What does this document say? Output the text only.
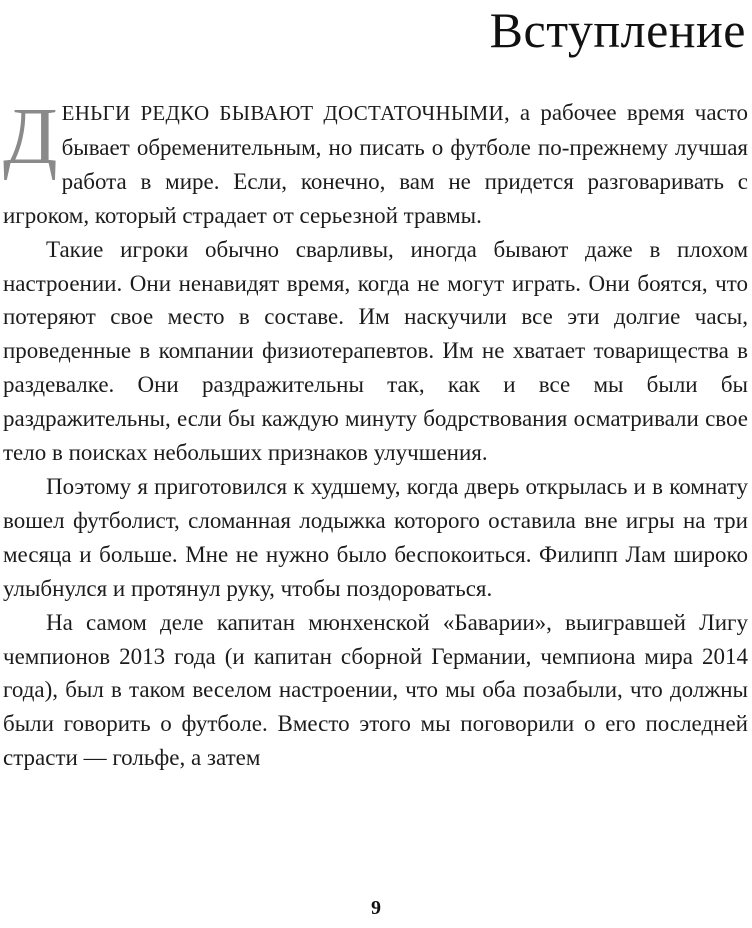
Вступление

ДЕНЬГИ РЕДКО БЫВАЮТ ДОСТАТОЧНЫМИ, а рабочее время часто бывает обременительным, но писать о футболе по-прежнему лучшая работа в мире. Если, конечно, вам не придется разговаривать с игроком, который страдает от серьезной травмы.

Такие игроки обычно сварливы, иногда бывают даже в плохом настроении. Они ненавидят время, когда не могут играть. Они боятся, что потеряют свое место в составе. Им наскучили все эти долгие часы, проведенные в компании физиотерапевтов. Им не хватает товарищества в раздевалке. Они раздражительны так, как и все мы были бы раздражительны, если бы каждую минуту бодрствования осматривали свое тело в поисках небольших признаков улучшения.

Поэтому я приготовился к худшему, когда дверь открылась и в комнату вошел футболист, сломанная лодыжка которого оставила вне игры на три месяца и больше. Мне не нужно было беспокоиться. Филипп Лам широко улыбнулся и протянул руку, чтобы поздороваться.

На самом деле капитан мюнхенской «Баварии», выигравшей Лигу чемпионов 2013 года (и капитан сборной Германии, чемпиона мира 2014 года), был в таком веселом настроении, что мы оба позабыли, что должны были говорить о футболе. Вместо этого мы поговорили о его последней страсти — гольфе, а затем

9
